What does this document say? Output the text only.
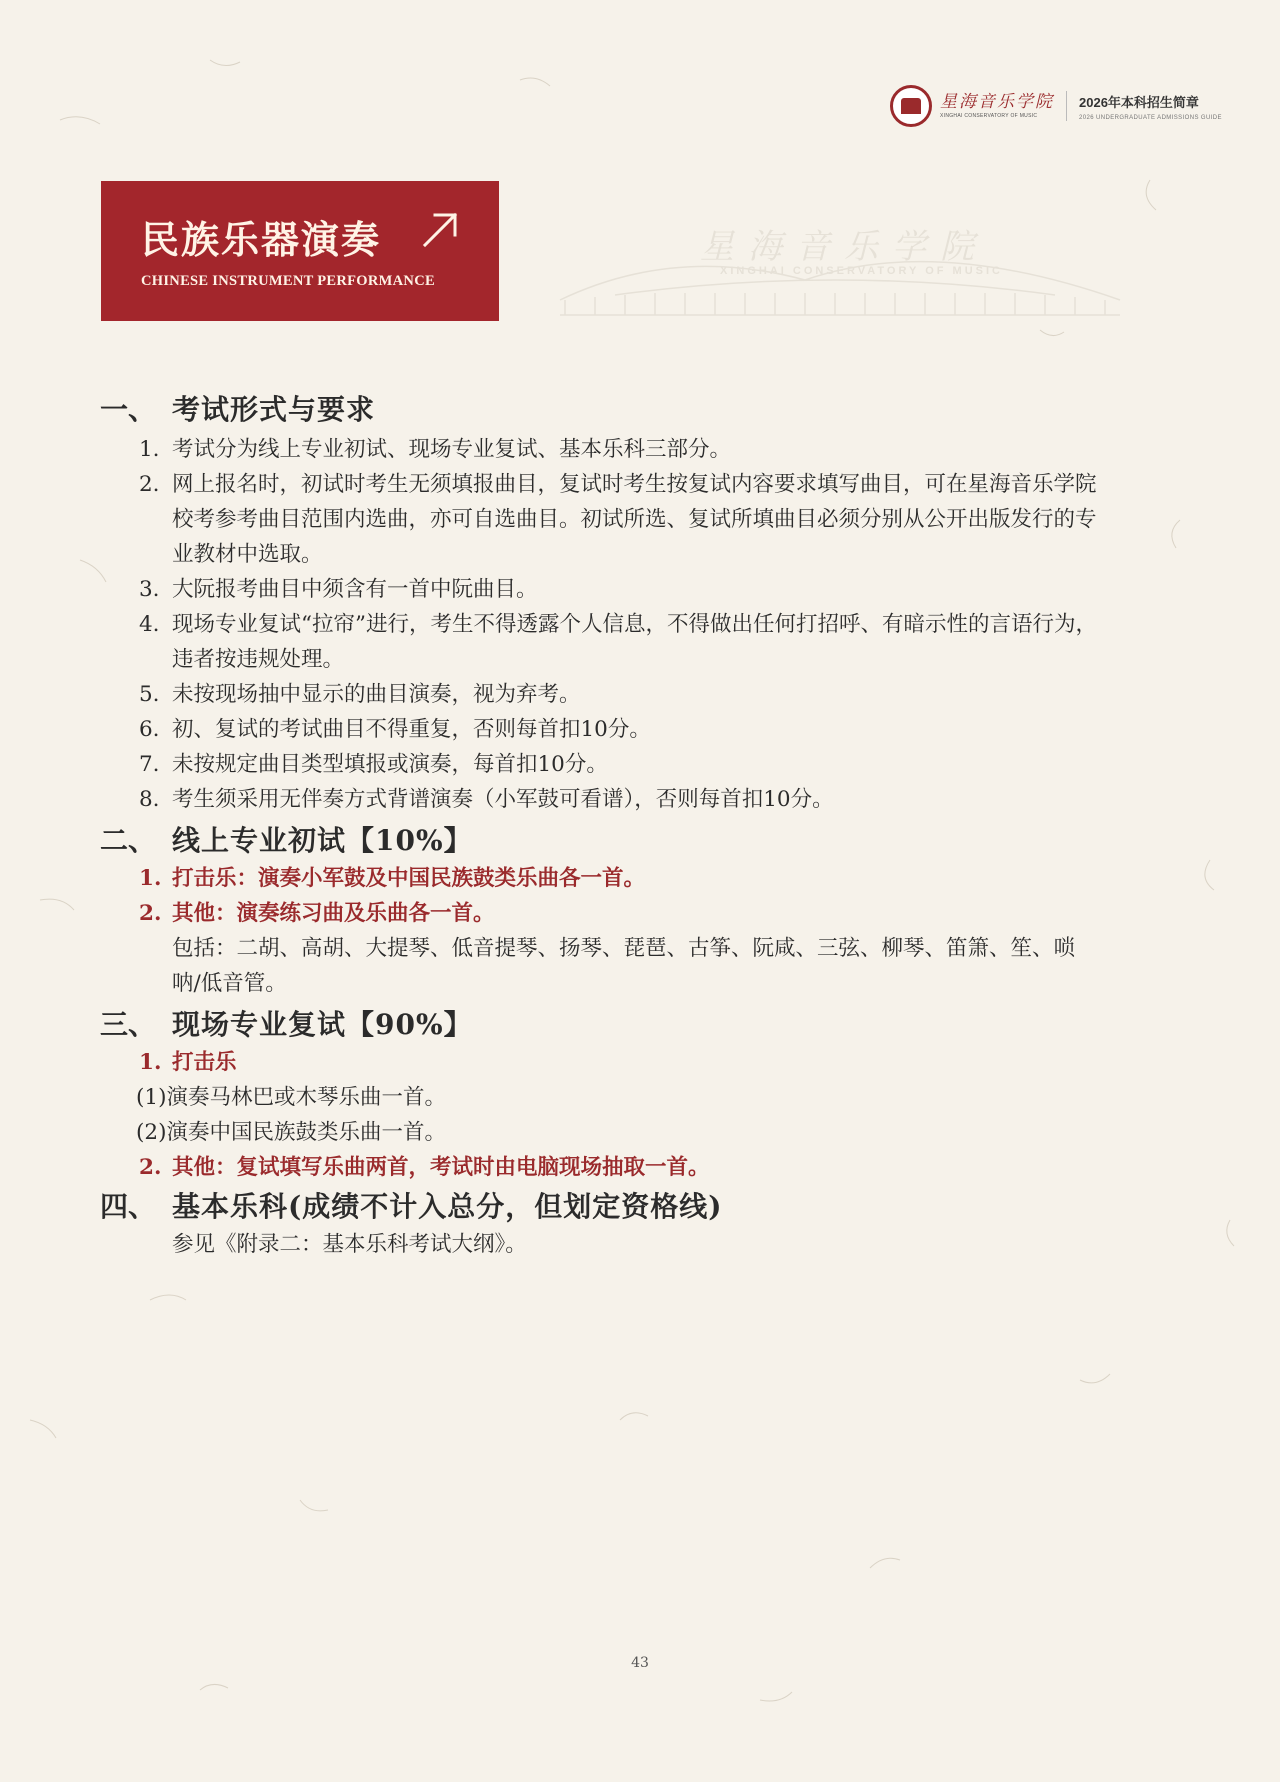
星海音乐学院
XINGHAI CONSERVATORY OF MUSIC
2026年本科招生简章
2026 UNDERGRADUATE ADMISSIONS GUIDE
星海音乐学院
XINGHAI CONSERVATORY OF MUSIC
民族乐器演奏
CHINESE INSTRUMENT PERFORMANCE
一、 考试形式与要求

1. 考试分为线上专业初试、现场专业复试、基本乐科三部分。

2. 网上报名时，初试时考生无须填报曲目，复试时考生按复试内容要求填写曲目，可在星海音乐学院校考参考曲目范围内选曲，亦可自选曲目。初试所选、复试所填曲目必须分别从公开出版发行的专业教材中选取。

3. 大阮报考曲目中须含有一首中阮曲目。

4. 现场专业复试“拉帘”进行，考生不得透露个人信息，不得做出任何打招呼、有暗示性的言语行为，违者按违规处理。

5. 未按现场抽中显示的曲目演奏，视为弃考。

6. 初、复试的考试曲目不得重复，否则每首扣10分。

7. 未按规定曲目类型填报或演奏，每首扣10分。

8. 考生须采用无伴奏方式背谱演奏（小军鼓可看谱），否则每首扣10分。

二、 线上专业初试【10%】

1. 打击乐：演奏小军鼓及中国民族鼓类乐曲各一首。

2. 其他：演奏练习曲及乐曲各一首。

包括：二胡、高胡、大提琴、低音提琴、扬琴、琵琶、古筝、阮咸、三弦、柳琴、笛箫、笙、唢呐/低音管。

三、 现场专业复试【90%】

1. 打击乐

(1)演奏马林巴或木琴乐曲一首。

(2)演奏中国民族鼓类乐曲一首。

2. 其他：复试填写乐曲两首，考试时由电脑现场抽取一首。

四、 基本乐科(成绩不计入总分，但划定资格线)

参见《附录二：基本乐科考试大纲》。

43
